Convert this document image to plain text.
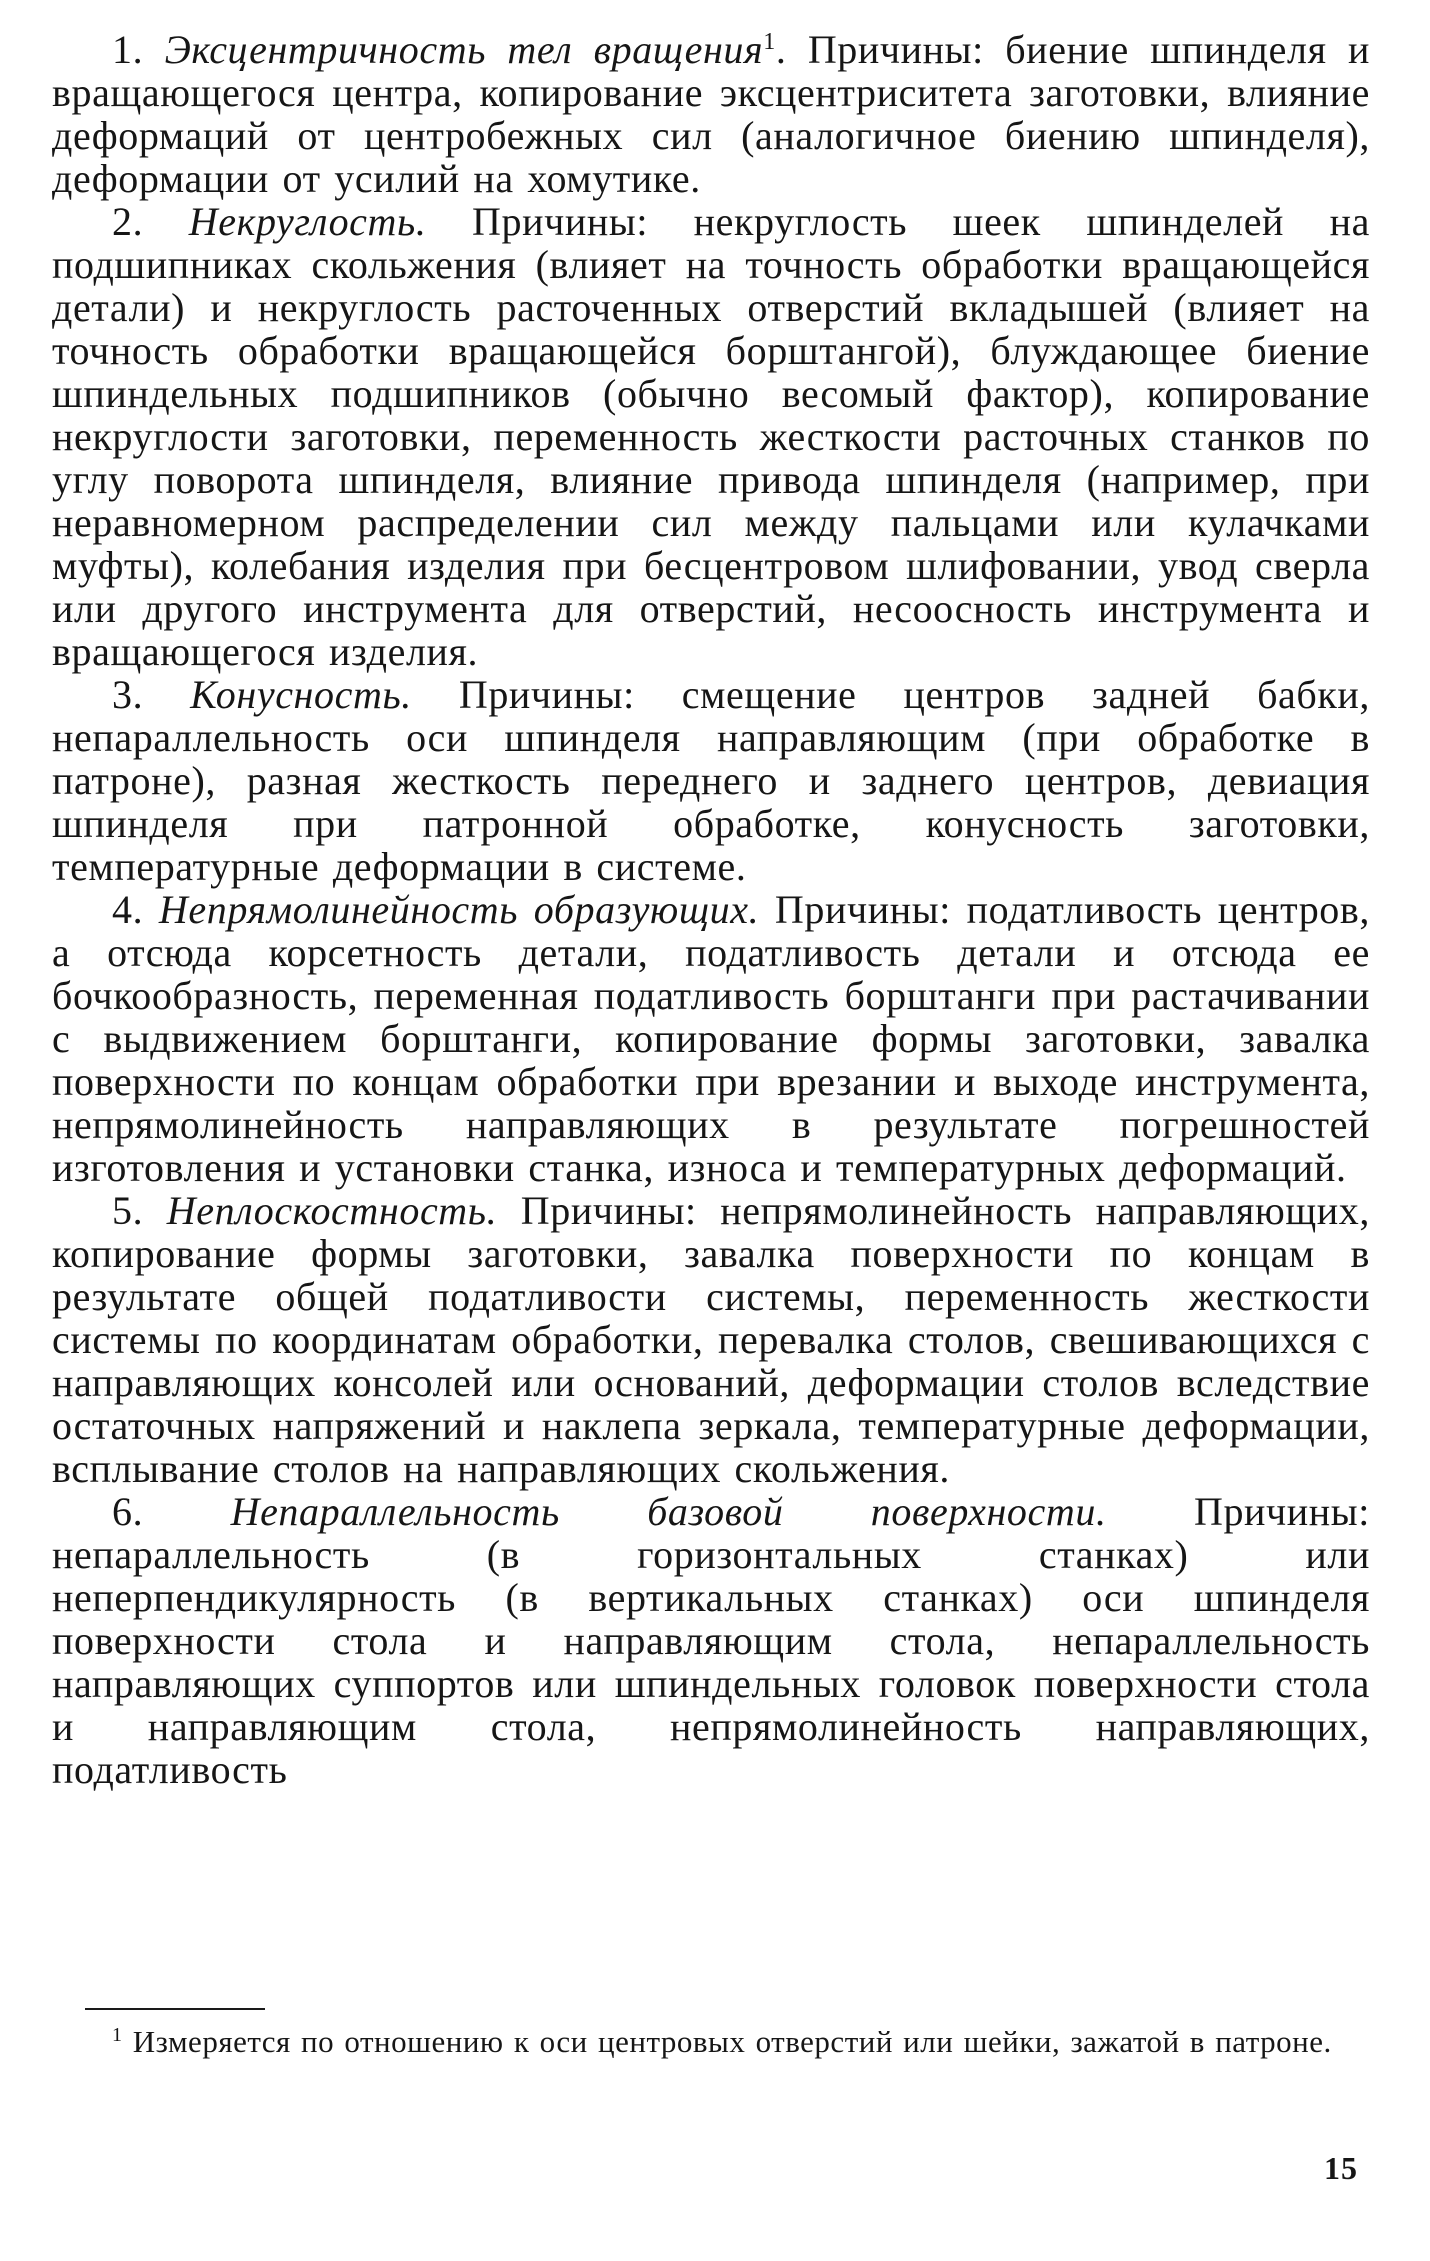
1. Эксцентричность тел вращения$^1$. Причины: биение шпинделя и вращающегося центра, копирование эксцентриситета заготовки, влияние деформаций от центробежных сил (аналогичное биению шпинделя), деформации от усилий на хомутике.

2. Некруглость. Причины: некруглость шеек шпинделей на подшипниках скольжения (влияет на точность обработки вращающейся детали) и некруглость расточенных отверстий вкладышей (влияет на точность обработки вращающейся борштангой), блуждающее биение шпиндельных подшипников (обычно весомый фактор), копирование некруглости заготовки, переменность жесткости расточных станков по углу поворота шпинделя, влияние привода шпинделя (например, при неравномерном распределении сил между пальцами или кулачками муфты), колебания изделия при бесцентровом шлифовании, увод сверла или другого инструмента для отверстий, несоосность инструмента и вращающегося изделия.

3. Конусность. Причины: смещение центров задней бабки, непараллельность оси шпинделя направляющим (при обработке в патроне), разная жесткость переднего и заднего центров, девиация шпинделя при патронной обработке, конусность заготовки, температурные деформации в системе.

4. Непрямолинейность образующих. Причины: податливость центров, а отсюда корсетность детали, податливость детали и отсюда ее бочкообразность, переменная податливость борштанги при растачивании с выдвижением борштанги, копирование формы заготовки, завалка поверхности по концам обработки при врезании и выходе инструмента, непрямолинейность направляющих в результате погрешностей изготовления и установки станка, износа и температурных деформаций.

5. Неплоскостность. Причины: непрямолинейность направляющих, копирование формы заготовки, завалка поверхности по концам в результате общей податливости системы, переменность жесткости системы по координатам обработки, перевалка столов, свешивающихся с направляющих консолей или оснований, деформации столов вследствие остаточных напряжений и наклепа зеркала, температурные деформации, всплывание столов на направляющих скольжения.

6. Непараллельность базовой поверхности. Причины: непараллельность (в горизонтальных станках) или неперпендикулярность (в вертикальных станках) оси шпинделя поверхности стола и направляющим стола, непараллельность направляющих суппортов или шпиндельных головок поверхности стола и направляющим стола, непрямолинейность направляющих, податливость

$^1$ Измеряется по отношению к оси центровых отверстий или шейки, зажатой в патроне.

15
